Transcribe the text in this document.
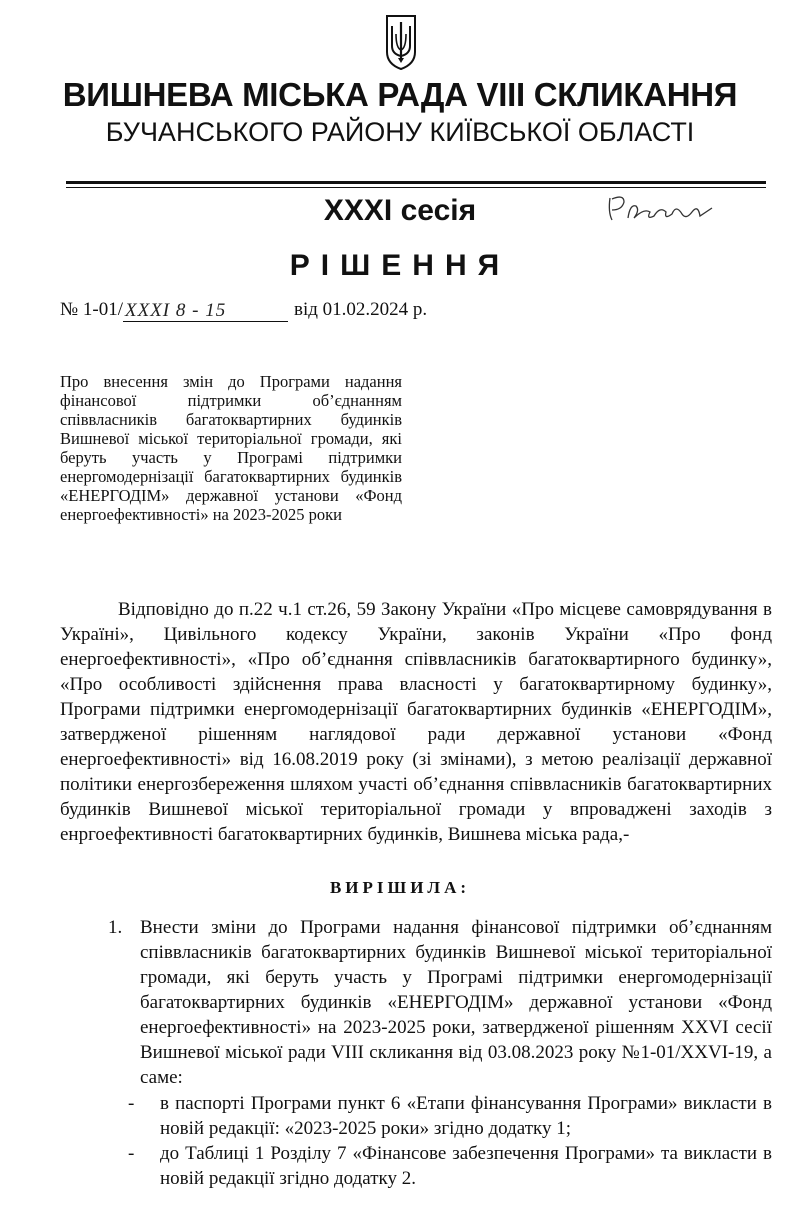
ВИШНЕВА МІСЬКА РАДА VIII СКЛИКАННЯ
БУЧАНСЬКОГО РАЙОНУ КИЇВСЬКОЇ ОБЛАСТІ
XXXI сесія
РІШЕННЯ
№ 1-01/ XXXI 8 - 15	від 01.02.2024 р.
Про внесення змін до Програми надання фінансової підтримки об’єднанням співвласників багатоквартирних будинків Вишневої міської територіальної громади, які беруть участь у Програмі підтримки енергомодернізації багатоквартирних будинків «ЕНЕРГОДІМ» державної установи «Фонд енергоефективності» на 2023-2025 роки
Відповідно до п.22 ч.1 ст.26, 59 Закону України «Про місцеве самоврядування в Україні», Цивільного кодексу України, законів України «Про фонд енергоефективності», «Про об’єднання співвласників багатоквартирного будинку», «Про особливості здійснення права власності у багатоквартирному будинку», Програми підтримки енергомодернізації багатоквартирних будинків «ЕНЕРГОДІМ», затвердженої рішенням наглядової ради державної установи «Фонд енергоефективності» від 16.08.2019 року (зі змінами), з метою реалізації державної політики енергозбереження шляхом участі об’єднання співвласників багатоквартирних будинків Вишневої міської територіальної громади у впроваджені заходів з енргоефективності багатоквартирних будинків, Вишнева міська рада,-
ВИРІШИЛА:
1. Внести зміни до Програми надання фінансової підтримки об’єднанням співвласників багатоквартирних будинків Вишневої міської територіальної громади, які беруть участь у Програмі підтримки енергомодернізації багатоквартирних будинків «ЕНЕРГОДІМ» державної установи «Фонд енергоефективності» на 2023-2025 роки, затвердженої рішенням XXVI сесії Вишневої міської ради VIII скликання від 03.08.2023 року №1-01/XXVI-19, а саме:
- в паспорті Програми пункт 6 «Етапи фінансування Програми» викласти в новій редакції: «2023-2025 роки» згідно додатку 1;
- до Таблиці 1 Розділу 7 «Фінансове забезпечення Програми» та викласти в новій редакції згідно додатку 2.
